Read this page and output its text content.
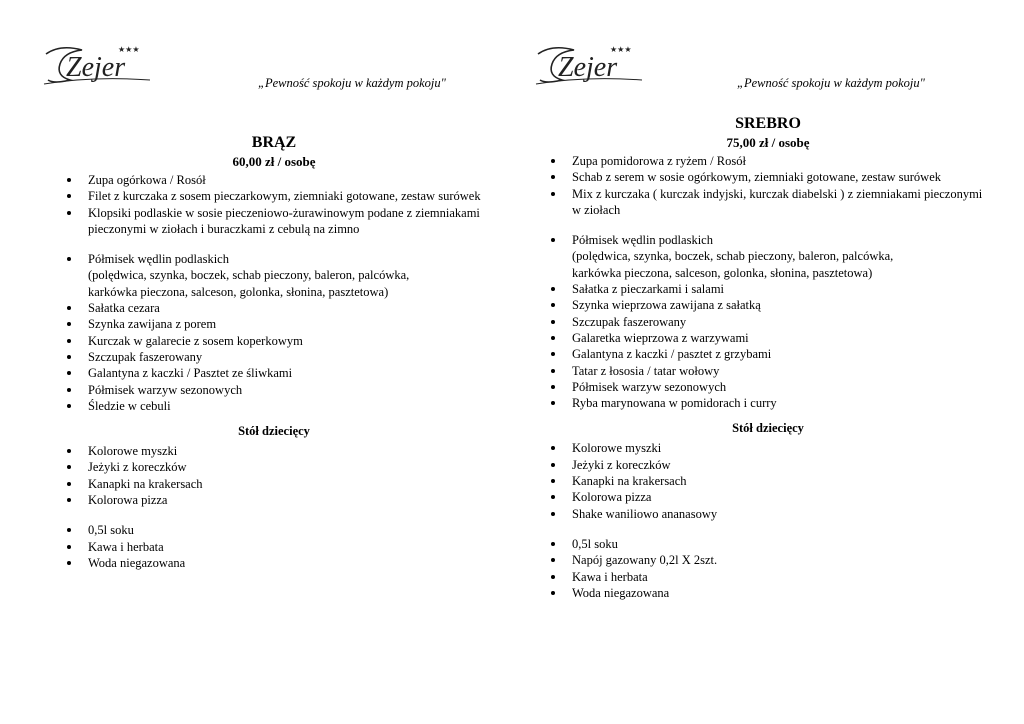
Zejer
★★★
„Pewność spokoju w każdym pokoju"
BRĄZ
60,00 zł / osobę
Zupa ogórkowa / Rosół
Filet z kurczaka z sosem pieczarkowym, ziemniaki gotowane, zestaw surówek
Klopsiki podlaskie w sosie pieczeniowo-żurawinowym podane z ziemniakami pieczonymi w ziołach i buraczkami z cebulą na zimno
Półmisek wędlin podlaskich
(polędwica, szynka, boczek, schab pieczony, baleron, palcówka,
karkówka pieczona, salceson, golonka, słonina, pasztetowa)
Sałatka cezara
Szynka zawijana z porem
Kurczak w galarecie z sosem koperkowym
Szczupak faszerowany
Galantyna z kaczki / Pasztet ze śliwkami
Półmisek warzyw sezonowych
Śledzie w cebuli
Stół dziecięcy
Kolorowe myszki
Jeżyki z koreczków
Kanapki na krakersach
Kolorowa pizza
0,5l soku
Kawa i herbata
Woda niegazowana
Zejer
★★★
„Pewność spokoju w każdym pokoju"
SREBRO
75,00 zł / osobę
Zupa pomidorowa z ryżem / Rosół
Schab z serem w sosie ogórkowym, ziemniaki gotowane, zestaw surówek
Mix z kurczaka ( kurczak indyjski, kurczak diabelski ) z ziemniakami pieczonymi w ziołach
Półmisek wędlin podlaskich
(polędwica, szynka, boczek, schab pieczony, baleron, palcówka,
karkówka pieczona, salceson, golonka, słonina, pasztetowa)
Sałatka z pieczarkami i salami
Szynka wieprzowa zawijana z sałatką
Szczupak faszerowany
Galaretka wieprzowa z warzywami
Galantyna z kaczki / pasztet z grzybami
Tatar z łososia / tatar wołowy
Półmisek warzyw sezonowych
Ryba marynowana w pomidorach i curry
Stół dziecięcy
Kolorowe myszki
Jeżyki z koreczków
Kanapki na krakersach
Kolorowa pizza
Shake waniliowo ananasowy
0,5l soku
Napój gazowany 0,2l X 2szt.
Kawa i herbata
Woda niegazowana
